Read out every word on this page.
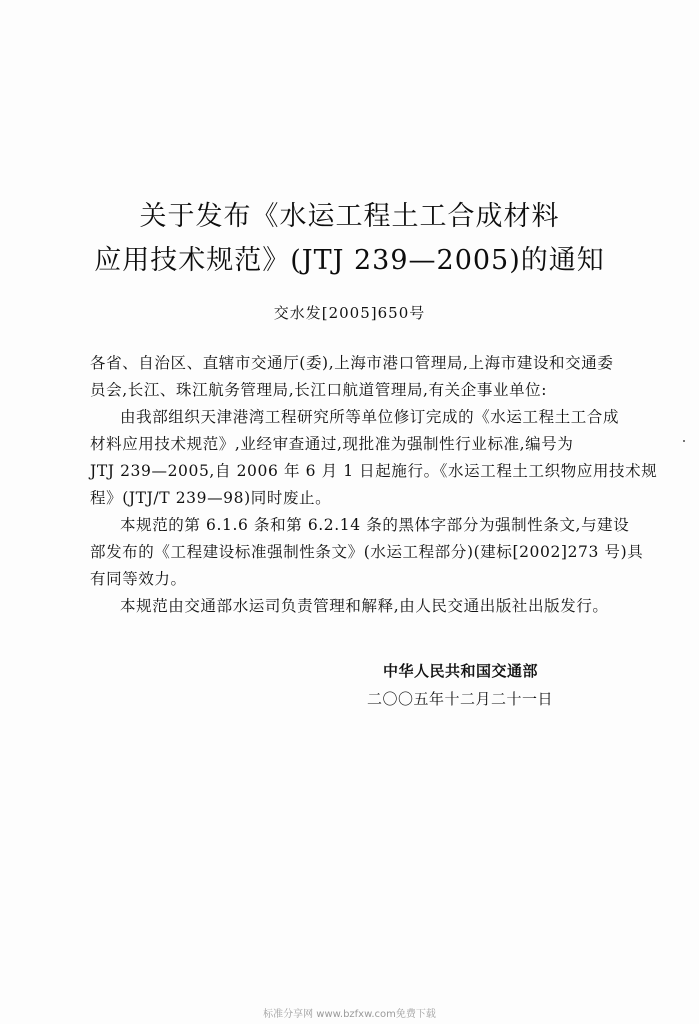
关于发布《水运工程土工合成材料
应用技术规范》(JTJ 239—2005)的通知
交水发[2005]650号
各省、自治区、直辖市交通厅(委),上海市港口管理局,上海市建设和交通委
员会,长江、珠江航务管理局,长江口航道管理局,有关企事业单位:
由我部组织天津港湾工程研究所等单位修订完成的《水运工程土工合成
材料应用技术规范》,业经审查通过,现批准为强制性行业标准,编号为
JTJ 239—2005,自 2006 年 6 月 1 日起施行。《水运工程土工织物应用技术规
程》(JTJ/T 239—98)同时废止。
本规范的第 6.1.6 条和第 6.2.14 条的黑体字部分为强制性条文,与建设
部发布的《工程建设标准强制性条文》(水运工程部分)(建标[2002]273 号)具
有同等效力。
本规范由交通部水运司负责管理和解释,由人民交通出版社出版发行。
中华人民共和国交通部
二〇〇五年十二月二十一日
标准分享网 www.bzfxw.com免费下载
